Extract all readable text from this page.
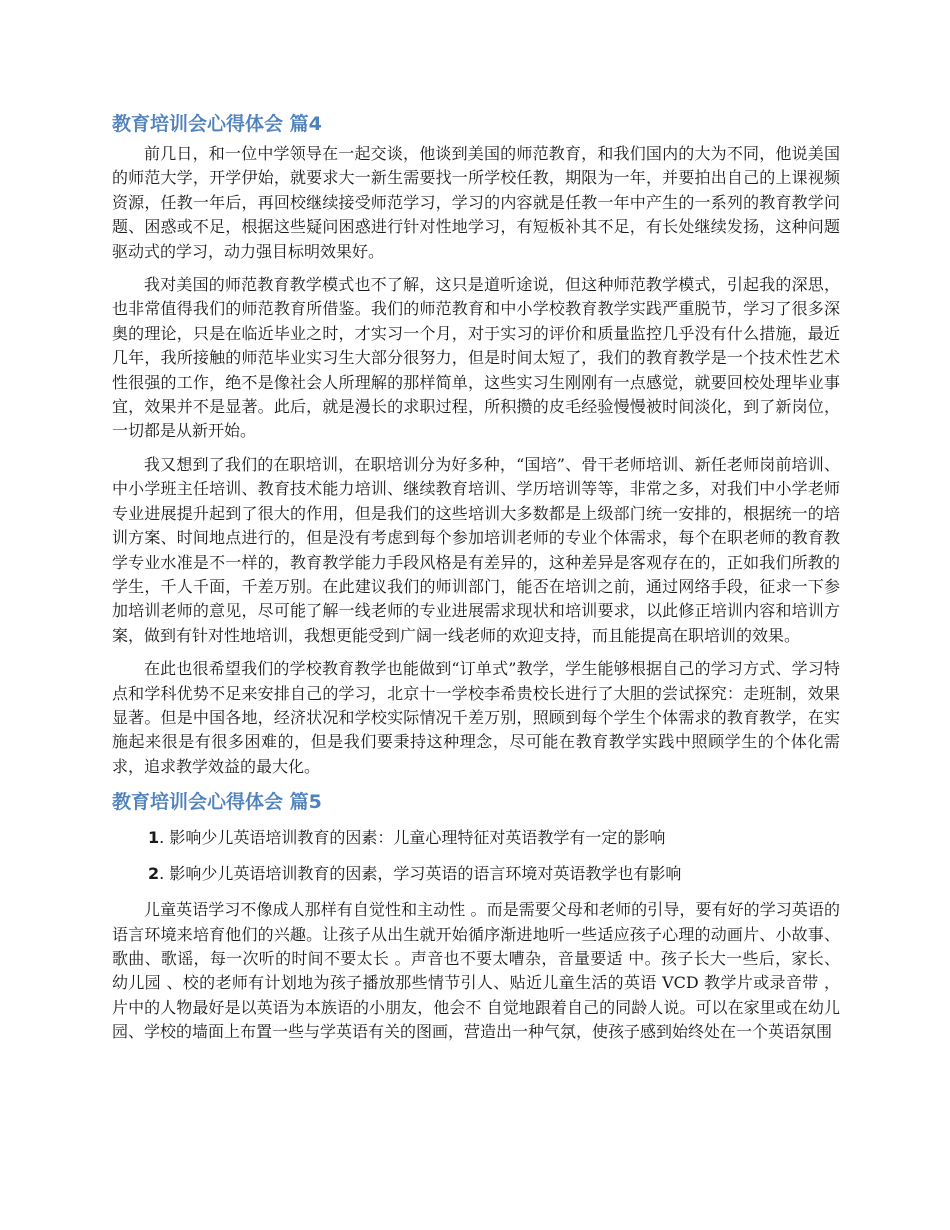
教育培训会心得体会 篇4

前几日，和一位中学领导在一起交谈，他谈到美国的师范教育，和我们国内的大为不同，他说美国的师范大学，开学伊始，就要求大一新生需要找一所学校任教，期限为一年，并要拍出自己的上课视频资源，任教一年后，再回校继续接受师范学习，学习的内容就是任教一年中产生的一系列的教育教学问题、困惑或不足，根据这些疑问困惑进行针对性地学习，有短板补其不足，有长处继续发扬，这种问题驱动式的学习，动力强目标明效果好。

我对美国的师范教育教学模式也不了解，这只是道听途说，但这种师范教学模式，引起我的深思，也非常值得我们的师范教育所借鉴。我们的师范教育和中小学校教育教学实践严重脱节，学习了很多深奥的理论，只是在临近毕业之时，才实习一个月，对于实习的评价和质量监控几乎没有什么措施，最近几年，我所接触的师范毕业实习生大部分很努力，但是时间太短了，我们的教育教学是一个技术性艺术性很强的工作，绝不是像社会人所理解的那样简单，这些实习生刚刚有一点感觉，就要回校处理毕业事宜，效果并不是显著。此后，就是漫长的求职过程，所积攒的皮毛经验慢慢被时间淡化，到了新岗位，一切都是从新开始。

我又想到了我们的在职培训，在职培训分为好多种，“国培”、骨干老师培训、新任老师岗前培训、中小学班主任培训、教育技术能力培训、继续教育培训、学历培训等等，非常之多，对我们中小学老师专业进展提升起到了很大的作用，但是我们的这些培训大多数都是上级部门统一安排的，根据统一的培训方案、时间地点进行的，但是没有考虑到每个参加培训老师的专业个体需求，每个在职老师的教育教学专业水准是不一样的，教育教学能力手段风格是有差异的，这种差异是客观存在的，正如我们所教的学生，千人千面，千差万别。在此建议我们的师训部门，能否在培训之前，通过网络手段，征求一下参加培训老师的意见，尽可能了解一线老师的专业进展需求现状和培训要求，以此修正培训内容和培训方案，做到有针对性地培训，我想更能受到广阔一线老师的欢迎支持，而且能提高在职培训的效果。

在此也很希望我们的学校教育教学也能做到“订单式”教学，学生能够根据自己的学习方式、学习特点和学科优势不足来安排自己的学习，北京十一学校李希贵校长进行了大胆的尝试探究：走班制，效果显著。但是中国各地，经济状况和学校实际情况千差万别，照顾到每个学生个体需求的教育教学，在实施起来很是有很多困难的，但是我们要秉持这种理念，尽可能在教育教学实践中照顾学生的个体化需求，追求教学效益的最大化。

教育培训会心得体会 篇5
1. 影响少儿英语培训教育的因素：儿童心理特征对英语教学有一定的影响
2. 影响少儿英语培训教育的因素，学习英语的语言环境对英语教学也有影响

儿童英语学习不像成人那样有自觉性和主动性 。而是需要父母和老师的引导，要有好的学习英语的语言环境来培育他们的兴趣。让孩子从出生就开始循序渐进地听一些适应孩子心理的动画片、小故事、歌曲、歌谣，每一次听的时间不要太长 。声音也不要太嘈杂，音量要适 中。孩子长大一些后，家长、幼儿园 、校的老师有计划地为孩子播放那些情节引人、贴近儿童生活的英语 VCD 教学片或录音带 ，片中的人物最好是以英语为本族语的小朋友，他会不 自觉地跟着自己的同龄人说。可以在家里或在幼儿园、学校的墙面上布置一些与学英语有关的图画，营造出一种气氛，使孩子感到始终处在一个英语氛围
